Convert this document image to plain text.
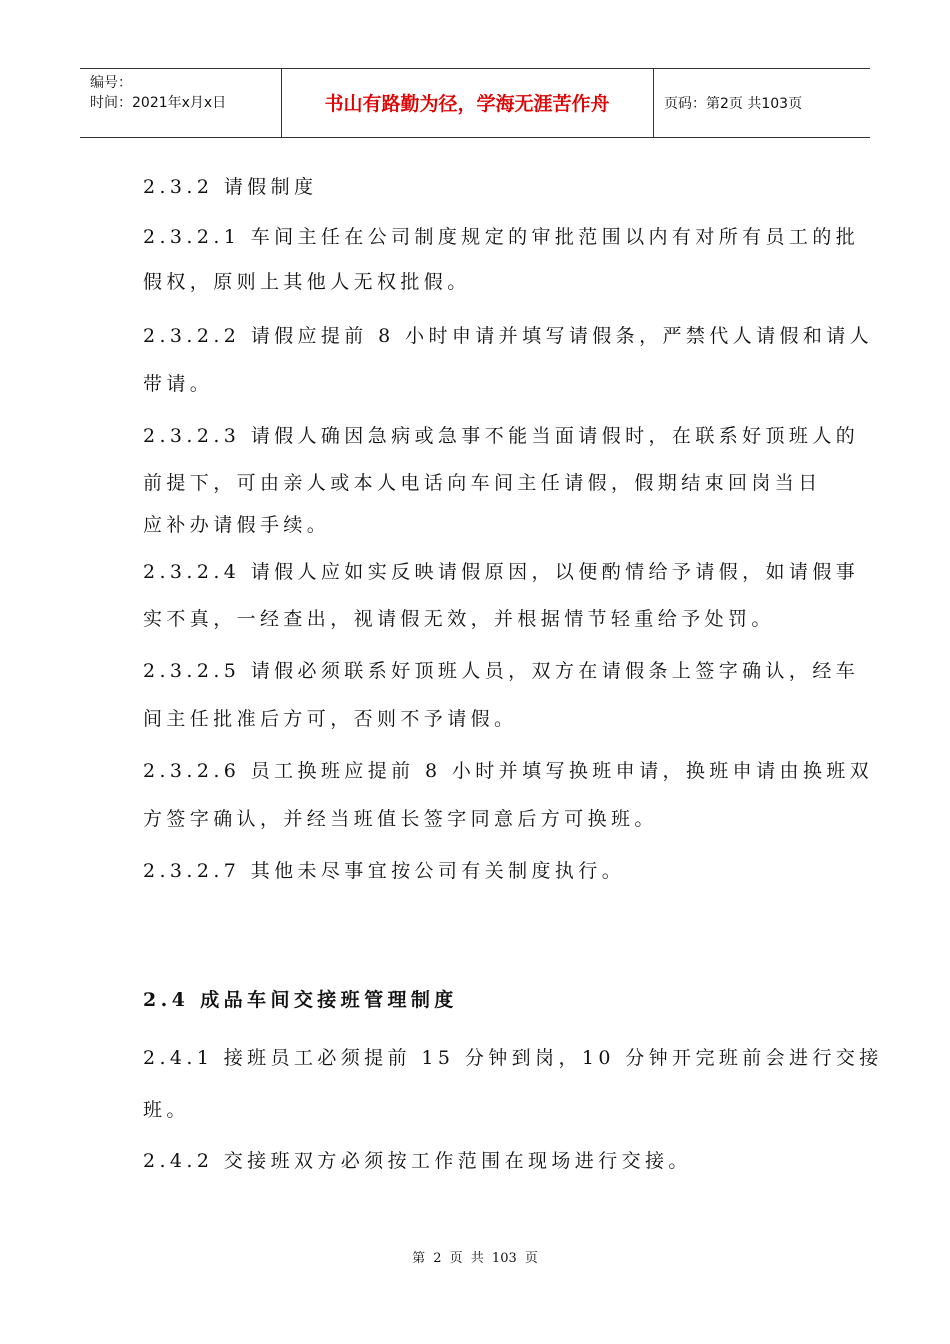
编号：
时间：2021年x月x日	书山有路勤为径，学海无涯苦作舟	页码：第2页 共103页
2.3.2 请假制度
2.3.2.1 车间主任在公司制度规定的审批范围以内有对所有员工的批
假权，原则上其他人无权批假。
2.3.2.2 请假应提前 8 小时申请并填写请假条，严禁代人请假和请人
带请。
2.3.2.3 请假人确因急病或急事不能当面请假时，在联系好顶班人的
前提下，可由亲人或本人电话向车间主任请假，假期结束回岗当日
应补办请假手续。
2.3.2.4 请假人应如实反映请假原因，以便酌情给予请假，如请假事
实不真，一经查出，视请假无效，并根据情节轻重给予处罚。
2.3.2.5 请假必须联系好顶班人员，双方在请假条上签字确认，经车
间主任批准后方可，否则不予请假。
2.3.2.6 员工换班应提前 8 小时并填写换班申请，换班申请由换班双
方签字确认，并经当班值长签字同意后方可换班。
2.3.2.7 其他未尽事宜按公司有关制度执行。
2.4 成品车间交接班管理制度
2.4.1 接班员工必须提前 15 分钟到岗，10 分钟开完班前会进行交接
班。
2.4.2 交接班双方必须按工作范围在现场进行交接。
第 2 页 共 103 页
